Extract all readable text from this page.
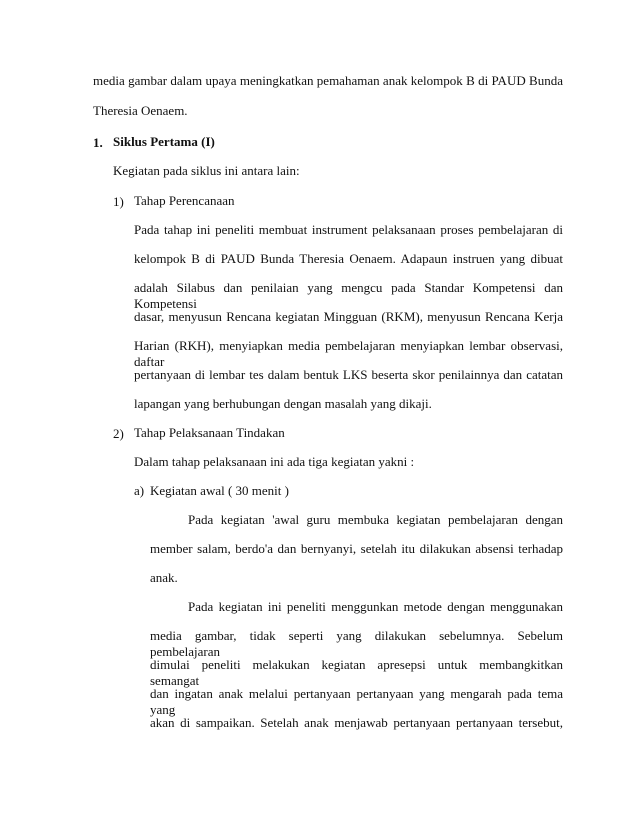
media gambar dalam upaya meningkatkan pemahaman anak kelompok B di PAUD Bunda
Theresia Oenaem.
1. Siklus Pertama (I)
Kegiatan pada siklus ini antara lain:
1) Tahap Perencanaan
Pada tahap ini peneliti membuat instrument pelaksanaan proses pembelajaran di
kelompok B di PAUD Bunda Theresia Oenaem. Adapaun instruen yang dibuat
adalah Silabus dan penilaian yang mengcu pada Standar Kompetensi dan Kompetensi
dasar, menyusun Rencana kegiatan Mingguan (RKM), menyusun Rencana Kerja
Harian (RKH), menyiapkan media pembelajaran menyiapkan lembar observasi, daftar
pertanyaan di lembar tes dalam bentuk LKS beserta skor penilainnya dan catatan
lapangan yang berhubungan dengan masalah yang dikaji.
2) Tahap Pelaksanaan Tindakan
Dalam tahap pelaksanaan ini ada tiga kegiatan yakni :
a) Kegiatan awal ( 30 menit )
Pada kegiatan 'awal guru membuka kegiatan pembelajaran dengan
member salam, berdo'a dan bernyanyi, setelah itu dilakukan absensi terhadap
anak.
Pada kegiatan ini peneliti menggunkan metode dengan menggunakan
media gambar, tidak seperti yang dilakukan sebelumnya. Sebelum pembelajaran
dimulai peneliti melakukan kegiatan apresepsi untuk membangkitkan semangat
dan ingatan anak melalui pertanyaan pertanyaan yang mengarah pada tema yang
akan di sampaikan. Setelah anak menjawab pertanyaan pertanyaan tersebut,
